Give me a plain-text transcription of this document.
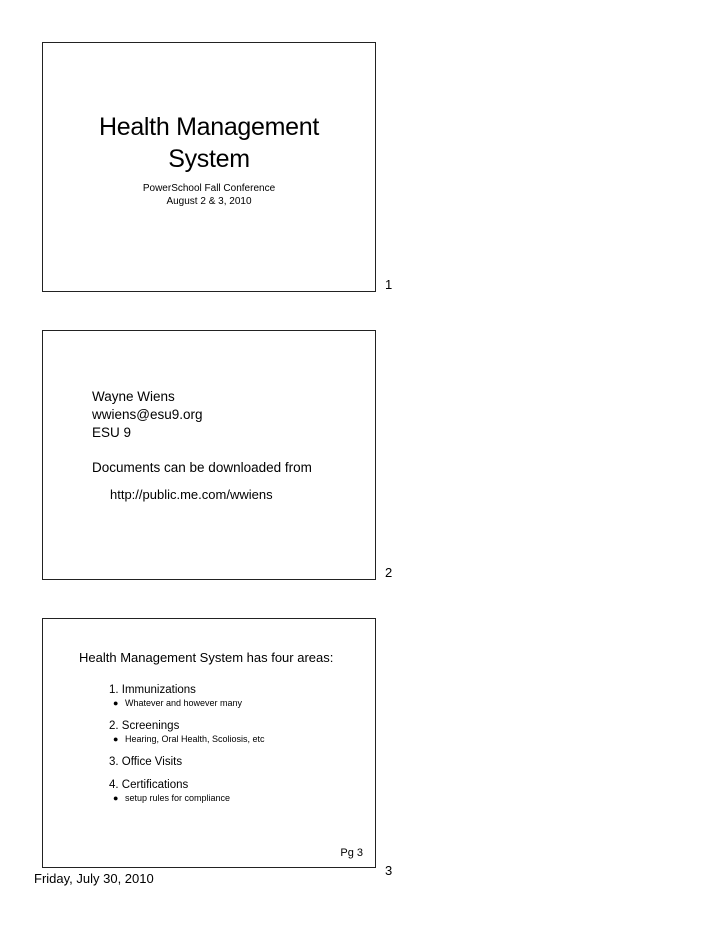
Health Management
System
PowerSchool Fall Conference
August 2 & 3, 2010
1
Wayne Wiens
wwiens@esu9.org
ESU 9
Documents can be downloaded from
http://public.me.com/wwiens
2
Health Management System has four areas:
1. Immunizations
● Whatever and however many
2. Screenings
● Hearing, Oral Health, Scoliosis, etc
3. Office Visits
4. Certifications
● setup rules for compliance
Pg 3
3
Friday, July 30, 2010
